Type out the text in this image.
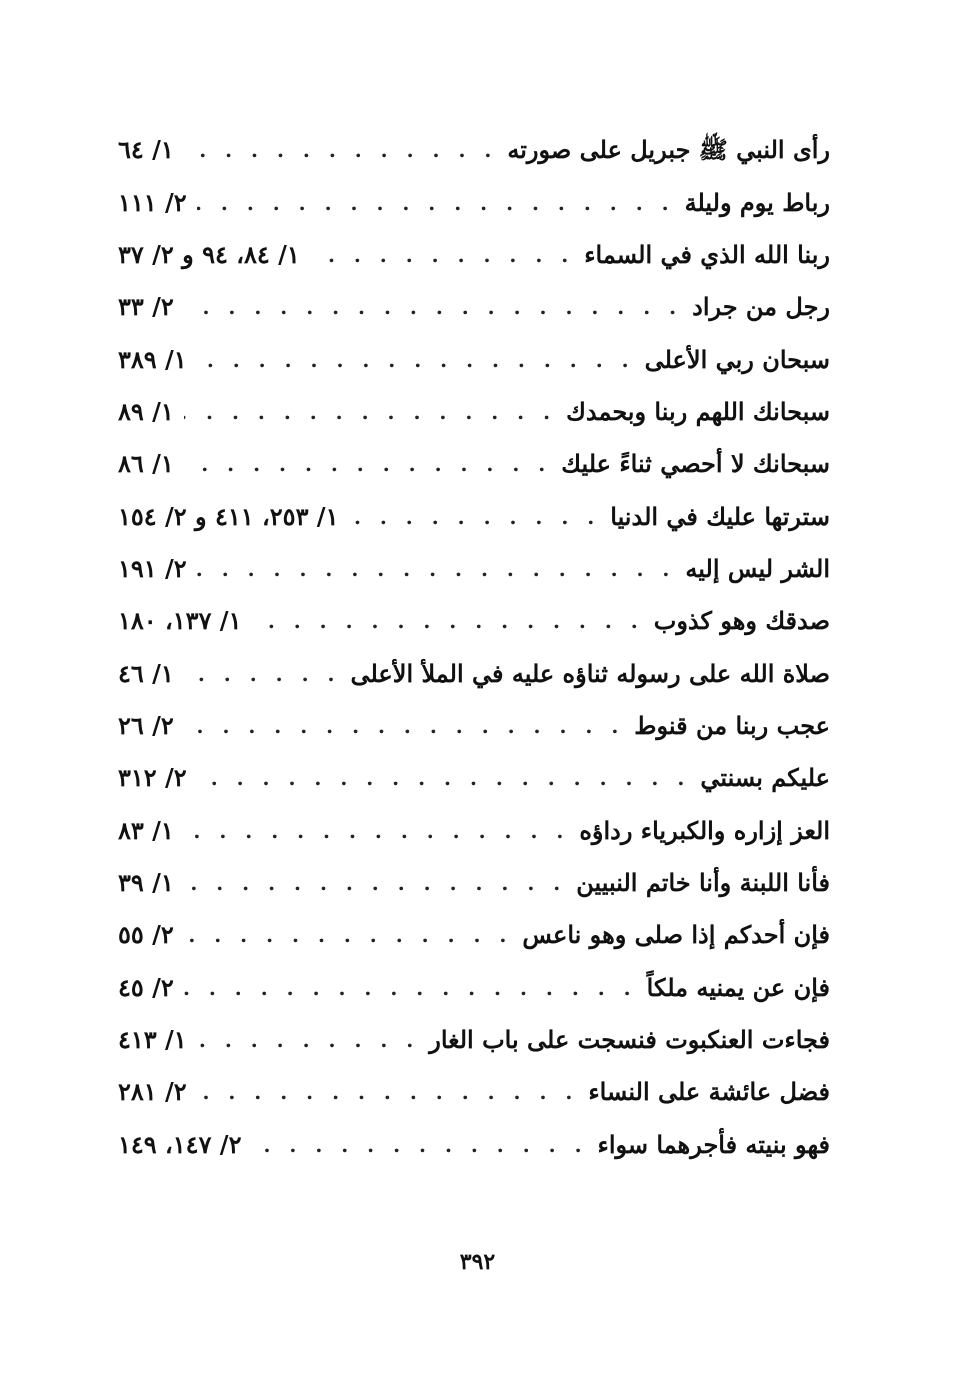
رأى النبي ﷺ جبريل على صورته
. . .
١/ ٦٤
رباط يوم وليلة
. . .
٢/ ١١١
ربنا الله الذي في السماء
. . .
١/ ٨٤، ٩٤ و ٢/ ٣٧
رجل من جراد
. . .
٢/ ٣٣
سبحان ربي الأعلى
. . .
١/ ٣٨٩
سبحانك اللهم ربنا وبحمدك
. . .
١/ ٨٩
سبحانك لا أحصي ثناءً عليك
. . .
١/ ٨٦
سترتها عليك في الدنيا
. . .
١/ ٢٥٣، ٤١١ و ٢/ ١٥٤
الشر ليس إليه
. . .
٢/ ١٩١
صدقك وهو كذوب
. . .
١/ ١٣٧، ١٨٠
صلاة الله على رسوله ثناؤه عليه في الملأ الأعلى
. . .
١/ ٤٦
عجب ربنا من قنوط
. . .
٢/ ٢٦
عليكم بسنتي
. . .
٢/ ٣١٢
العز إزاره والكبرياء رداؤه
. . .
١/ ٨٣
فأنا اللبنة وأنا خاتم النبيين
. . .
١/ ٣٩
فإن أحدكم إذا صلى وهو ناعس
. . .
٢/ ٥٥
فإن عن يمنيه ملكاً
. . .
٢/ ٤٥
فجاءت العنكبوت فنسجت على باب الغار
. . .
١/ ٤١٣
فضل عائشة على النساء
. . .
٢/ ٢٨١
فهو بنيته فأجرهما سواء
. . .
٢/ ١٤٧، ١٤٩
٣٩٢
